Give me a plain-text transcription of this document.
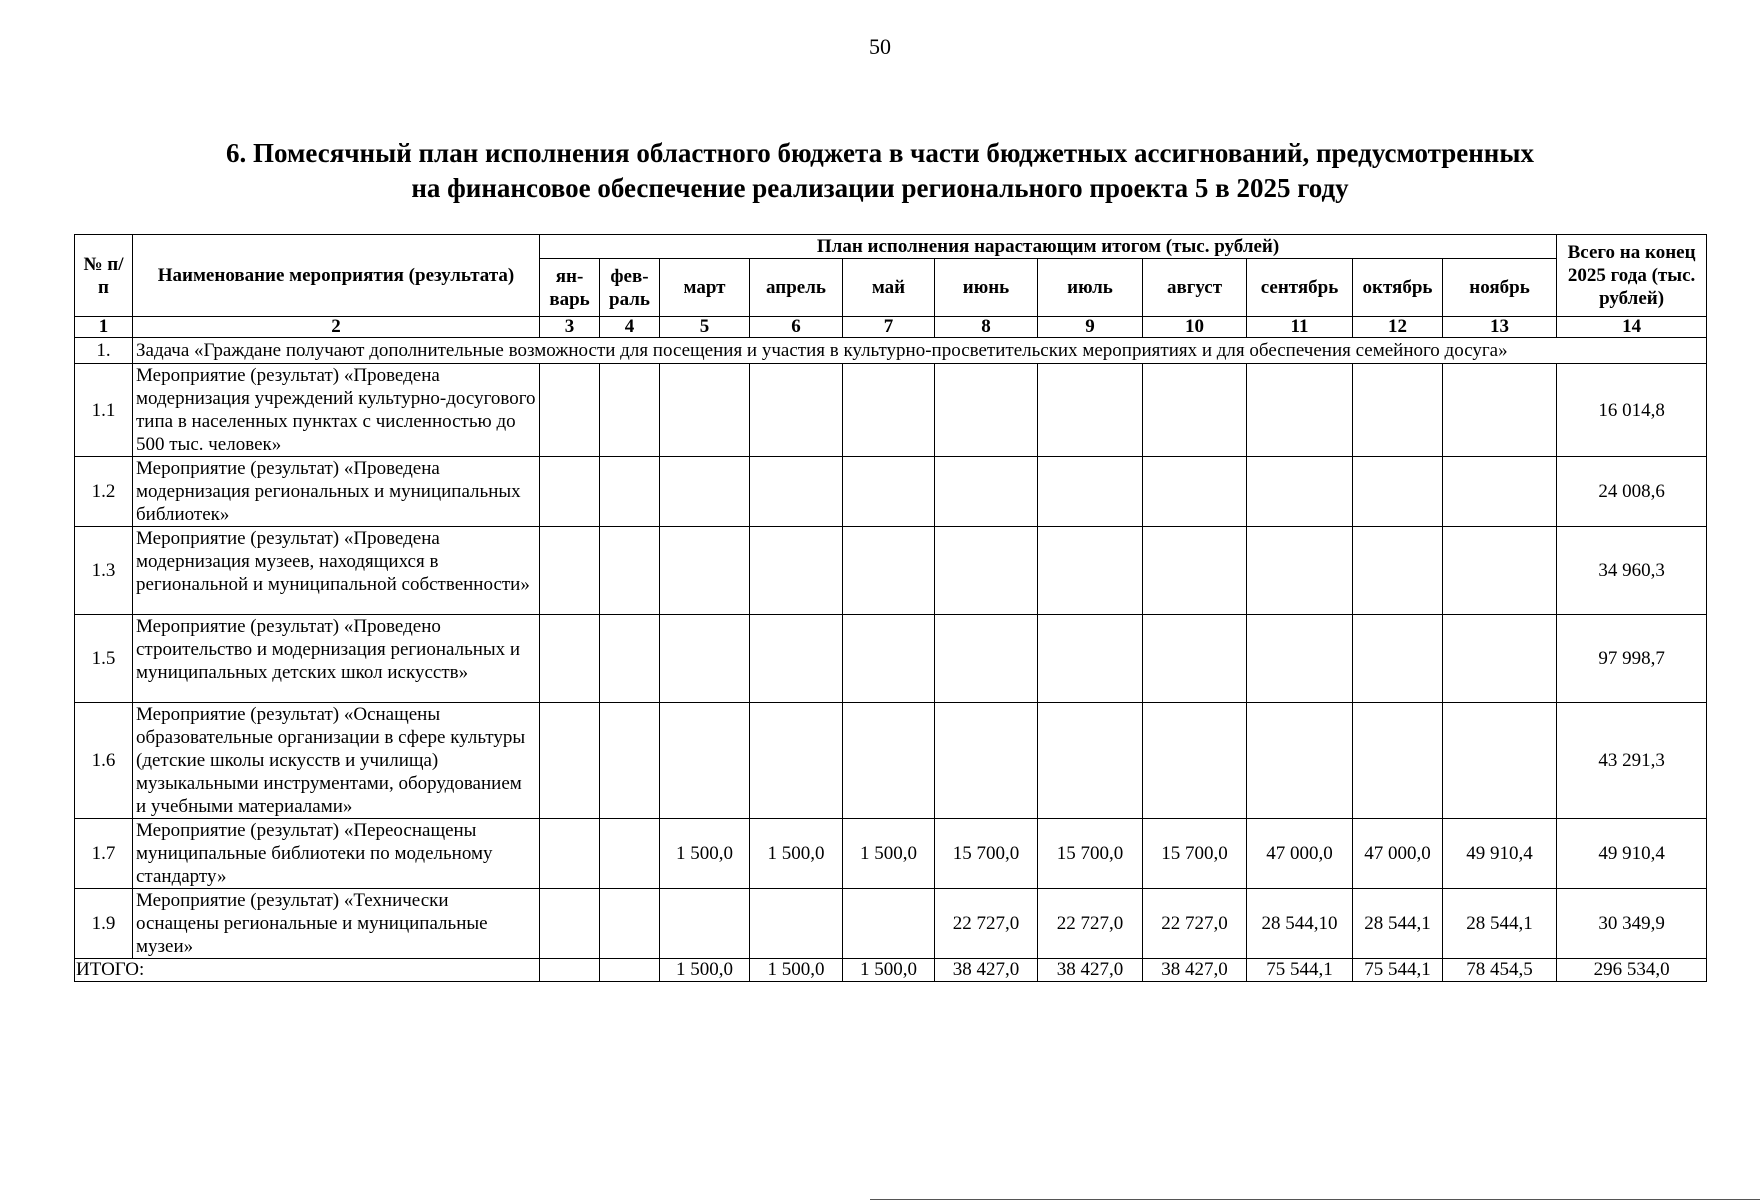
50
6. Помесячный план исполнения областного бюджета в части бюджетных ассигнований, предусмотренных
на финансовое обеспечение реализации регионального проекта 5 в 2025 году
№ п/п	Наименование мероприятия (результата)	План исполнения нарастающим итогом (тыс. рублей)											Всего на конец 2025 года (тыс. рублей)
		ян-варь	фев-раль	март	апрель	май	июнь	июль	август	сентябрь	октябрь	ноябрь	
1	2	3	4	5	6	7	8	9	10	11	12	13	14
1.	Задача «Граждане получают дополнительные возможности для посещения и участия в культурно-просветительских мероприятиях и для обеспечения семейного досуга»												
1.1	Мероприятие (результат) «Проведена модернизация учреждений культурно-досугового типа в населенных пунктах с численностью до 500 тыс. человек»												16 014,8
1.2	Мероприятие (результат) «Проведена модернизация региональных и муниципальных библиотек»												24 008,6
1.3	Мероприятие (результат) «Проведена модернизация музеев, находящихся в региональной и муниципальной собственности»												34 960,3
1.5	Мероприятие (результат) «Проведено строительство и модернизация региональных и муниципальных детских школ искусств»												97 998,7
1.6	Мероприятие (результат) «Оснащены образовательные организации в сфере культуры (детские школы искусств и училища) музыкальными инструментами, оборудованием и учебными материалами»												43 291,3
1.7	Мероприятие (результат) «Переоснащены муниципальные библиотеки по модельному стандарту»			1 500,0	1 500,0	1 500,0	15 700,0	15 700,0	15 700,0	47 000,0	47 000,0	49 910,4	49 910,4
1.9	Мероприятие (результат) «Технически оснащены региональные и муниципальные музеи»						22 727,0	22 727,0	22 727,0	28 544,10	28 544,1	28 544,1	30 349,9
ИТОГО:				1 500,0	1 500,0	1 500,0	38 427,0	38 427,0	38 427,0	75 544,1	75 544,1	78 454,5	296 534,0
